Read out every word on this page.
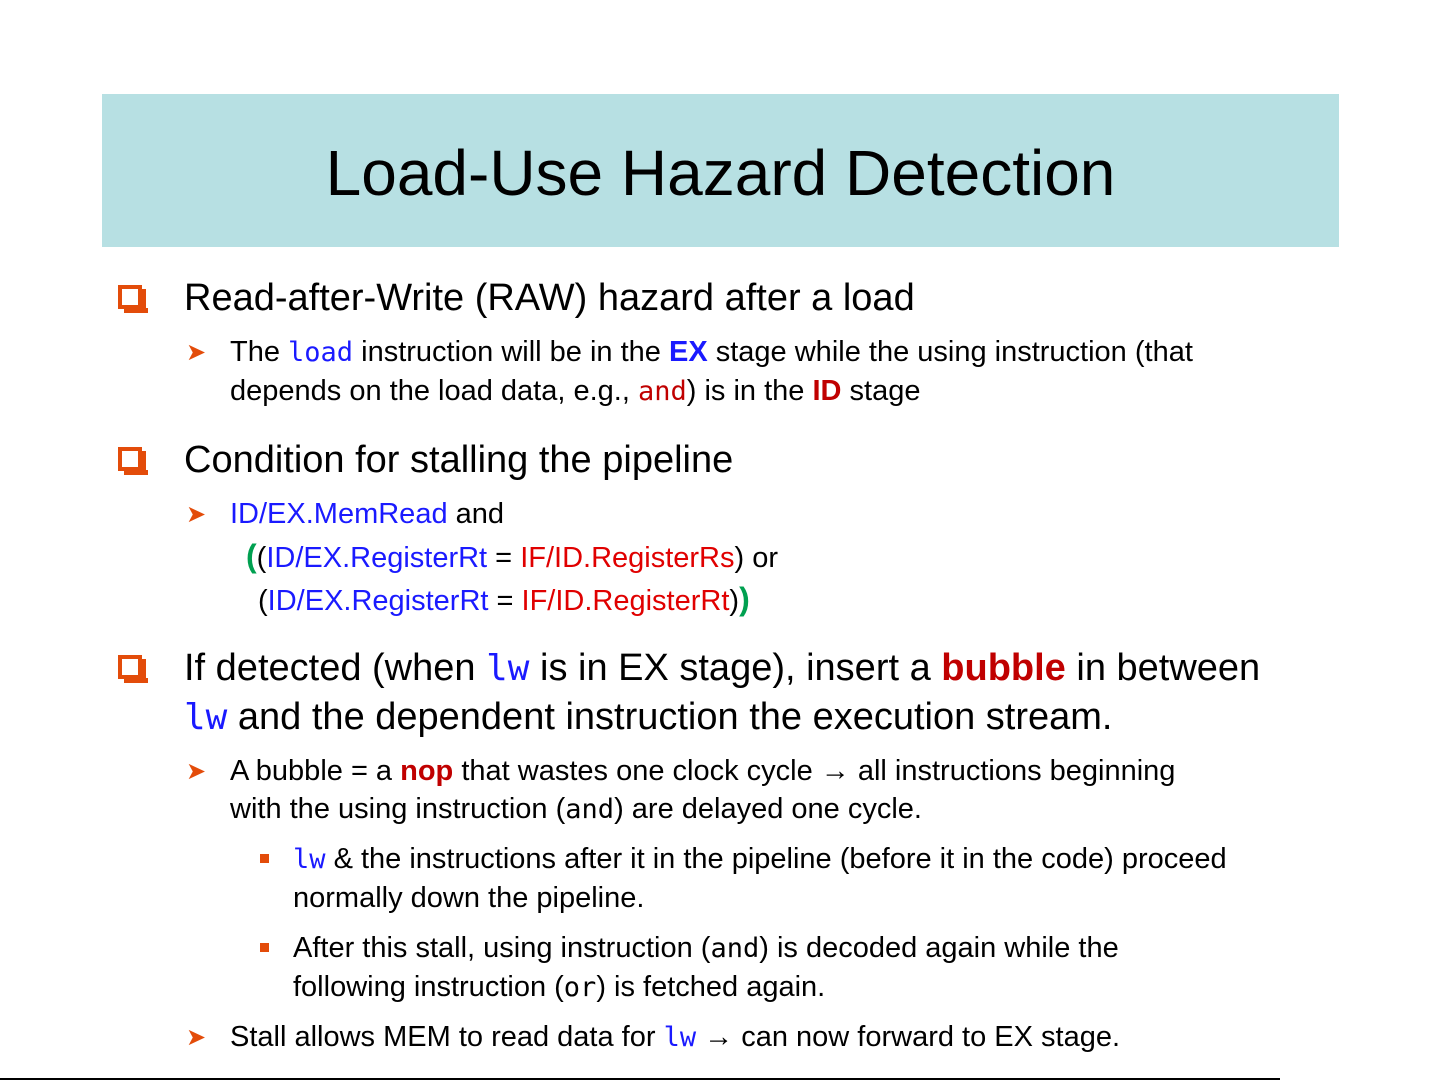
Load-Use Hazard Detection
Read-after-Write (RAW) hazard after a load
➤ The load instruction will be in the EX stage while the using instruction (that
depends on the load data, e.g., and) is in the ID stage
Condition for stalling the pipeline
➤ ID/EX.MemRead and
((ID/EX.RegisterRt = IF/ID.RegisterRs) or
(ID/EX.RegisterRt = IF/ID.RegisterRt))
If detected (when lw is in EX stage), insert a bubble in between
lw and the dependent instruction the execution stream.
➤ A bubble = a nop that wastes one clock cycle → all instructions beginning
with the using instruction (and) are delayed one cycle.
lw & the instructions after it in the pipeline (before it in the code) proceed
normally down the pipeline.
After this stall, using instruction (and) is decoded again while the
following instruction (or) is fetched again.
➤ Stall allows MEM to read data for lw → can now forward to EX stage.
